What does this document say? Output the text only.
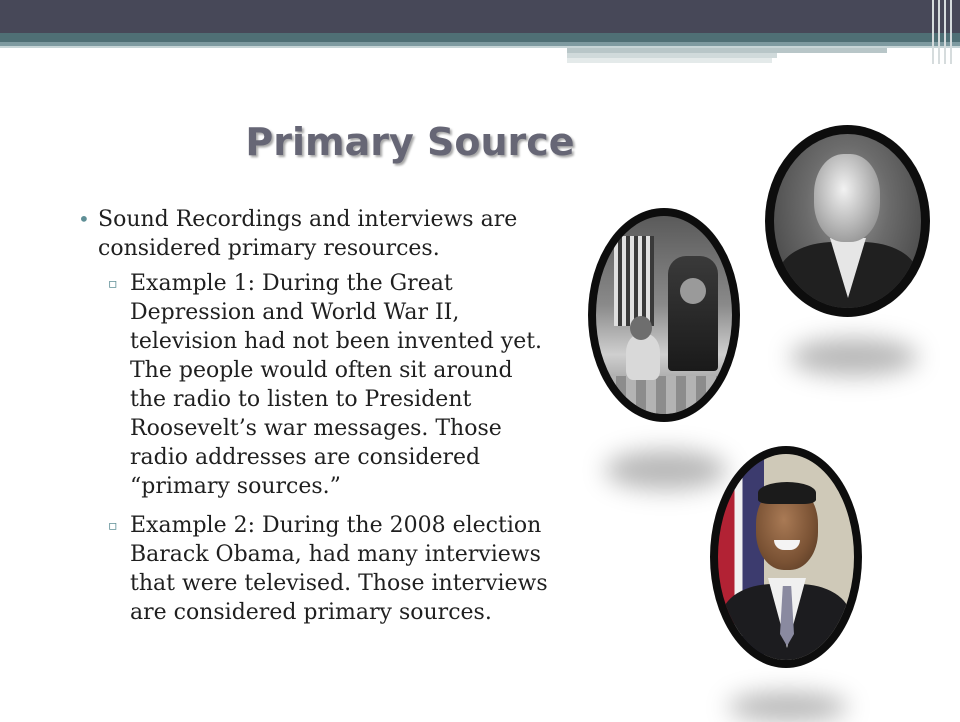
Primary Source

• Sound Recordings and interviews are considered primary resources.

▫ Example 1: During the Great Depression and World War II, television had not been invented yet. The people would often sit around the radio to listen to President Roosevelt’s war messages. Those radio addresses are considered “primary sources.”

▫ Example 2: During the 2008 election Barack Obama, had many interviews that were televised. Those interviews are considered primary sources.
